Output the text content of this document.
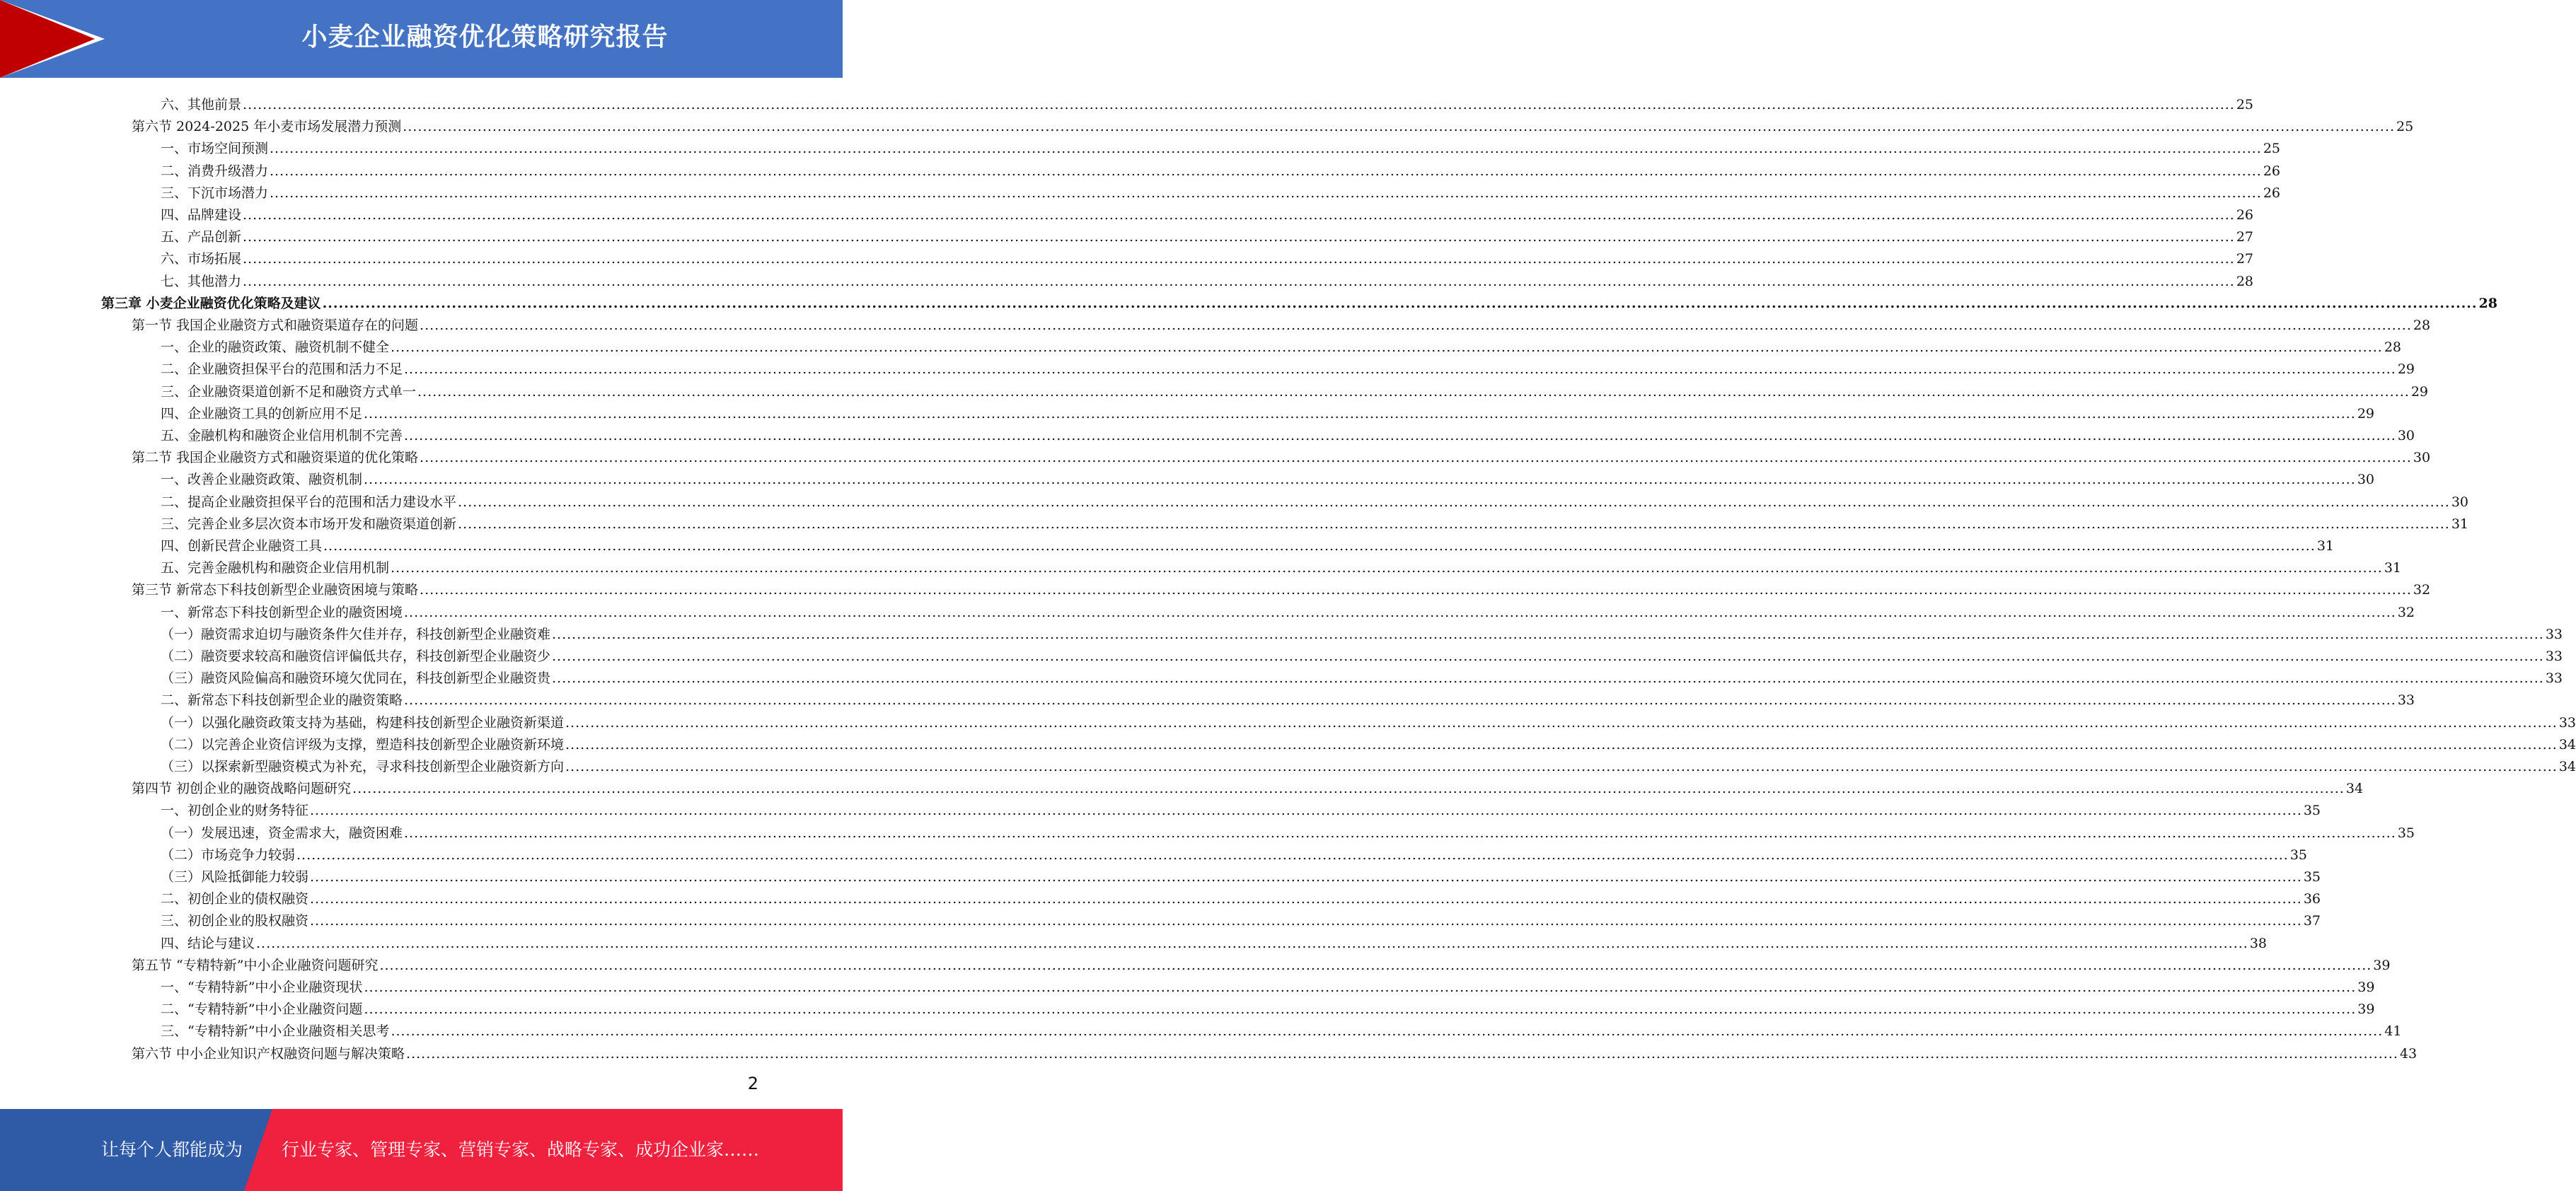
小麦企业融资优化策略研究报告
六、其他前景 ................................................................................................................................................................................................................................................................................................................................................................................................................ 25
第六节 2024-2025 年小麦市场发展潜力预测 ................................................................................................................................................................................................................................................................................................................................................................................................................ 25
一、市场空间预测 ................................................................................................................................................................................................................................................................................................................................................................................................................ 25
二、消费升级潜力 ................................................................................................................................................................................................................................................................................................................................................................................................................ 26
三、下沉市场潜力 ................................................................................................................................................................................................................................................................................................................................................................................................................ 26
四、品牌建设 ................................................................................................................................................................................................................................................................................................................................................................................................................ 26
五、产品创新 ................................................................................................................................................................................................................................................................................................................................................................................................................ 27
六、市场拓展 ................................................................................................................................................................................................................................................................................................................................................................................................................ 27
七、其他潜力 ................................................................................................................................................................................................................................................................................................................................................................................................................ 28
第三章 小麦企业融资优化策略及建议 ................................................................................................................................................................................................................................................................................................................................................................................................................ 28
第一节 我国企业融资方式和融资渠道存在的问题 ................................................................................................................................................................................................................................................................................................................................................................................................................ 28
一、企业的融资政策、融资机制不健全 ................................................................................................................................................................................................................................................................................................................................................................................................................ 28
二、企业融资担保平台的范围和活力不足 ................................................................................................................................................................................................................................................................................................................................................................................................................ 29
三、企业融资渠道创新不足和融资方式单一 ................................................................................................................................................................................................................................................................................................................................................................................................................ 29
四、企业融资工具的创新应用不足 ................................................................................................................................................................................................................................................................................................................................................................................................................ 29
五、金融机构和融资企业信用机制不完善 ................................................................................................................................................................................................................................................................................................................................................................................................................ 30
第二节 我国企业融资方式和融资渠道的优化策略 ................................................................................................................................................................................................................................................................................................................................................................................................................ 30
一、改善企业融资政策、融资机制 ................................................................................................................................................................................................................................................................................................................................................................................................................ 30
二、提高企业融资担保平台的范围和活力建设水平 ................................................................................................................................................................................................................................................................................................................................................................................................................ 30
三、完善企业多层次资本市场开发和融资渠道创新 ................................................................................................................................................................................................................................................................................................................................................................................................................ 31
四、创新民营企业融资工具 ................................................................................................................................................................................................................................................................................................................................................................................................................ 31
五、完善金融机构和融资企业信用机制 ................................................................................................................................................................................................................................................................................................................................................................................................................ 31
第三节 新常态下科技创新型企业融资困境与策略 ................................................................................................................................................................................................................................................................................................................................................................................................................ 32
一、新常态下科技创新型企业的融资困境 ................................................................................................................................................................................................................................................................................................................................................................................................................ 32
（一）融资需求迫切与融资条件欠佳并存，科技创新型企业融资难 ................................................................................................................................................................................................................................................................................................................................................................................................................ 33
（二）融资要求较高和融资信评偏低共存，科技创新型企业融资少 ................................................................................................................................................................................................................................................................................................................................................................................................................ 33
（三）融资风险偏高和融资环境欠优同在，科技创新型企业融资贵 ................................................................................................................................................................................................................................................................................................................................................................................................................ 33
二、新常态下科技创新型企业的融资策略 ................................................................................................................................................................................................................................................................................................................................................................................................................ 33
（一）以强化融资政策支持为基础，构建科技创新型企业融资新渠道 ................................................................................................................................................................................................................................................................................................................................................................................................................ 33
（二）以完善企业资信评级为支撑，塑造科技创新型企业融资新环境 ................................................................................................................................................................................................................................................................................................................................................................................................................ 34
（三）以探索新型融资模式为补充，寻求科技创新型企业融资新方向 ................................................................................................................................................................................................................................................................................................................................................................................................................ 34
第四节 初创企业的融资战略问题研究 ................................................................................................................................................................................................................................................................................................................................................................................................................ 34
一、初创企业的财务特征 ................................................................................................................................................................................................................................................................................................................................................................................................................ 35
（一）发展迅速，资金需求大，融资困难 ................................................................................................................................................................................................................................................................................................................................................................................................................ 35
（二）市场竞争力较弱 ................................................................................................................................................................................................................................................................................................................................................................................................................ 35
（三）风险抵御能力较弱 ................................................................................................................................................................................................................................................................................................................................................................................................................ 35
二、初创企业的债权融资 ................................................................................................................................................................................................................................................................................................................................................................................................................ 36
三、初创企业的股权融资 ................................................................................................................................................................................................................................................................................................................................................................................................................ 37
四、结论与建议 ................................................................................................................................................................................................................................................................................................................................................................................................................ 38
第五节 “专精特新”中小企业融资问题研究 ................................................................................................................................................................................................................................................................................................................................................................................................................ 39
一、“专精特新”中小企业融资现状 ................................................................................................................................................................................................................................................................................................................................................................................................................ 39
二、“专精特新”中小企业融资问题 ................................................................................................................................................................................................................................................................................................................................................................................................................ 39
三、“专精特新”中小企业融资相关思考 ................................................................................................................................................................................................................................................................................................................................................................................................................ 41
第六节 中小企业知识产权融资问题与解决策略 ................................................................................................................................................................................................................................................................................................................................................................................................................ 43
2
让每个人都能成为 行业专家、管理专家、营销专家、战略专家、成功企业家……
